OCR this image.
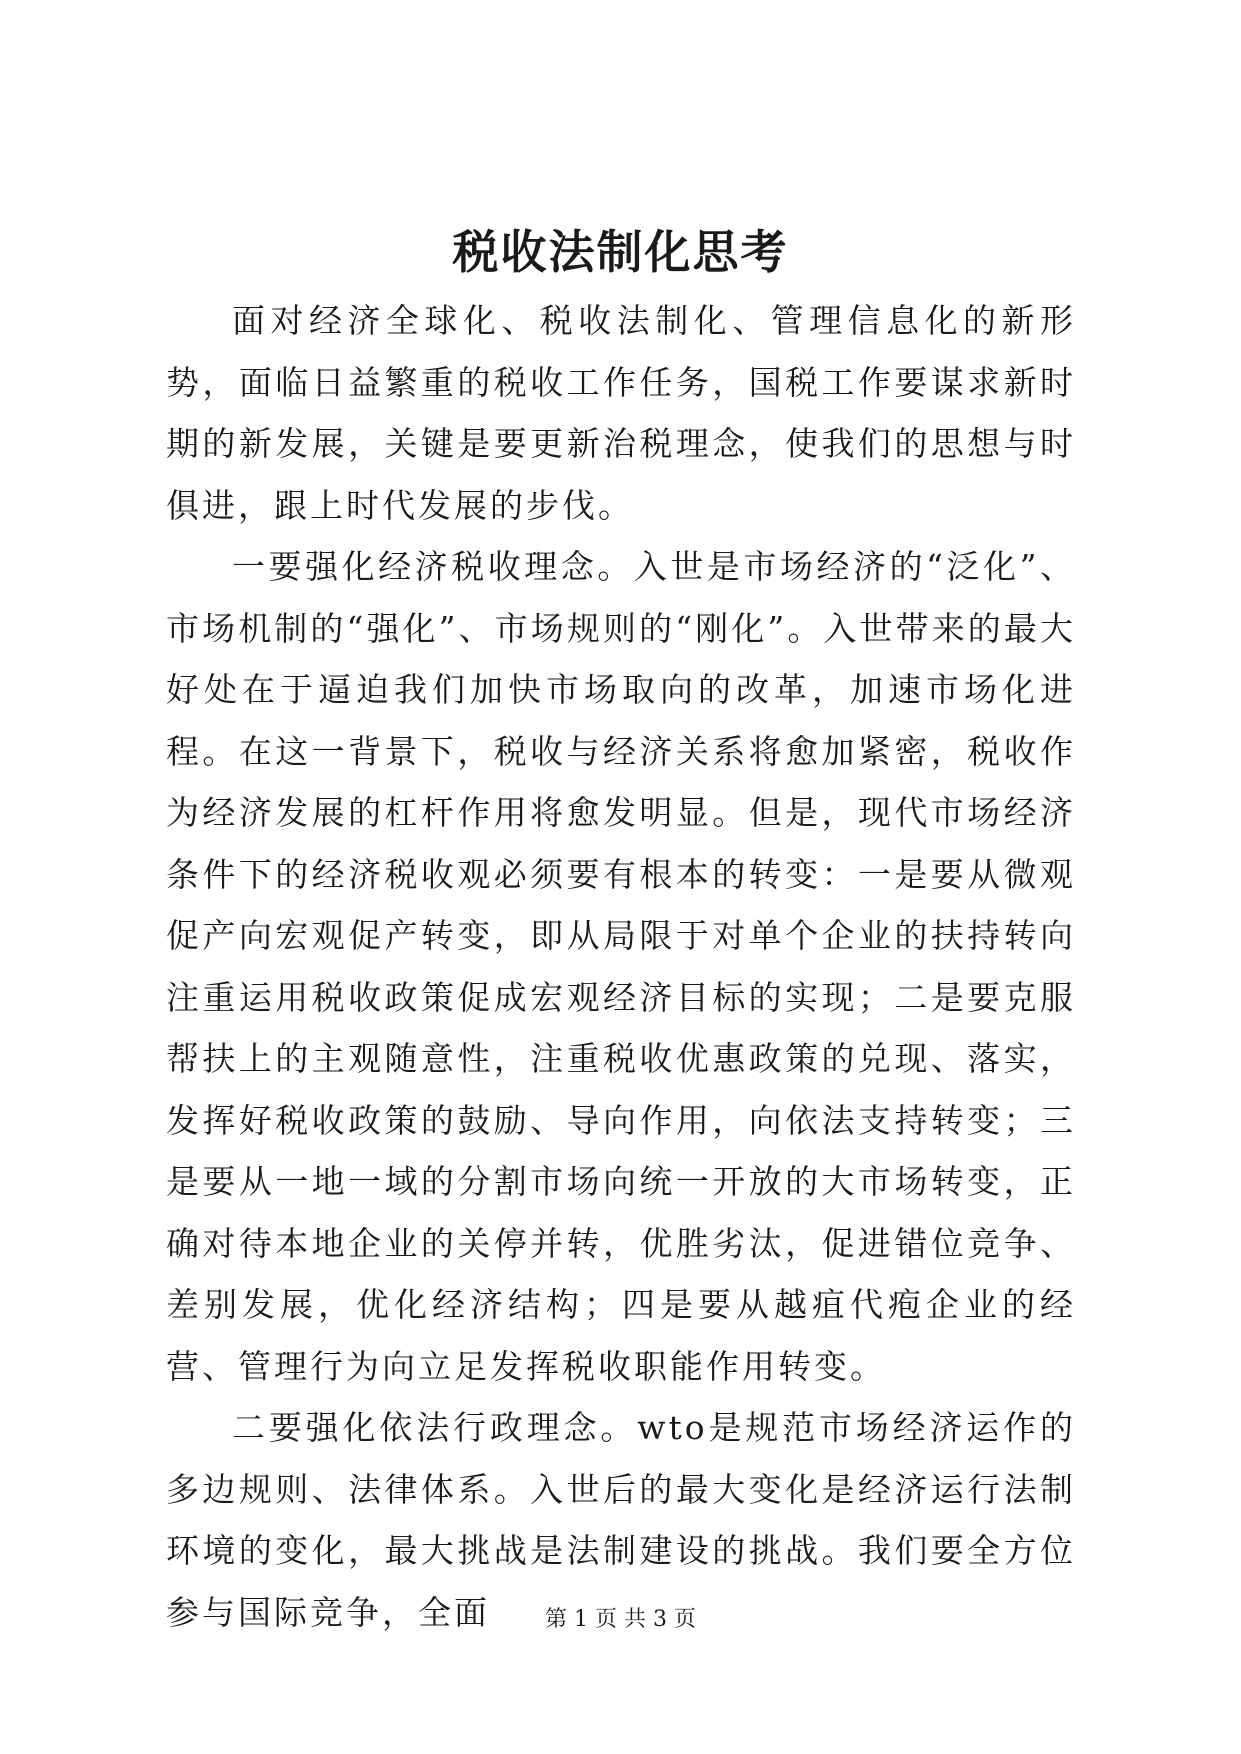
税收法制化思考

面对经济全球化、税收法制化、管理信息化的新形势，面临日益繁重的税收工作任务，国税工作要谋求新时期的新发展，关键是要更新治税理念，使我们的思想与时俱进，跟上时代发展的步伐。

一要强化经济税收理念。入世是市场经济的“泛化”、市场机制的“强化”、市场规则的“刚化”。入世带来的最大好处在于逼迫我们加快市场取向的改革，加速市场化进程。在这一背景下，税收与经济关系将愈加紧密，税收作为经济发展的杠杆作用将愈发明显。但是，现代市场经济条件下的经济税收观必须要有根本的转变：一是要从微观促产向宏观促产转变，即从局限于对单个企业的扶持转向注重运用税收政策促成宏观经济目标的实现；二是要克服帮扶上的主观随意性，注重税收优惠政策的兑现、落实，发挥好税收政策的鼓励、导向作用，向依法支持转变；三是要从一地一域的分割市场向统一开放的大市场转变，正确对待本地企业的关停并转，优胜劣汰，促进错位竞争、差别发展，优化经济结构；四是要从越疽代疱企业的经营、管理行为向立足发挥税收职能作用转变。

二要强化依法行政理念。wto是规范市场经济运作的多边规则、法律体系。入世后的最大变化是经济运行法制环境的变化，最大挑战是法制建设的挑战。我们要全方位参与国际竞争，全面	第 1 页 共 3 页
